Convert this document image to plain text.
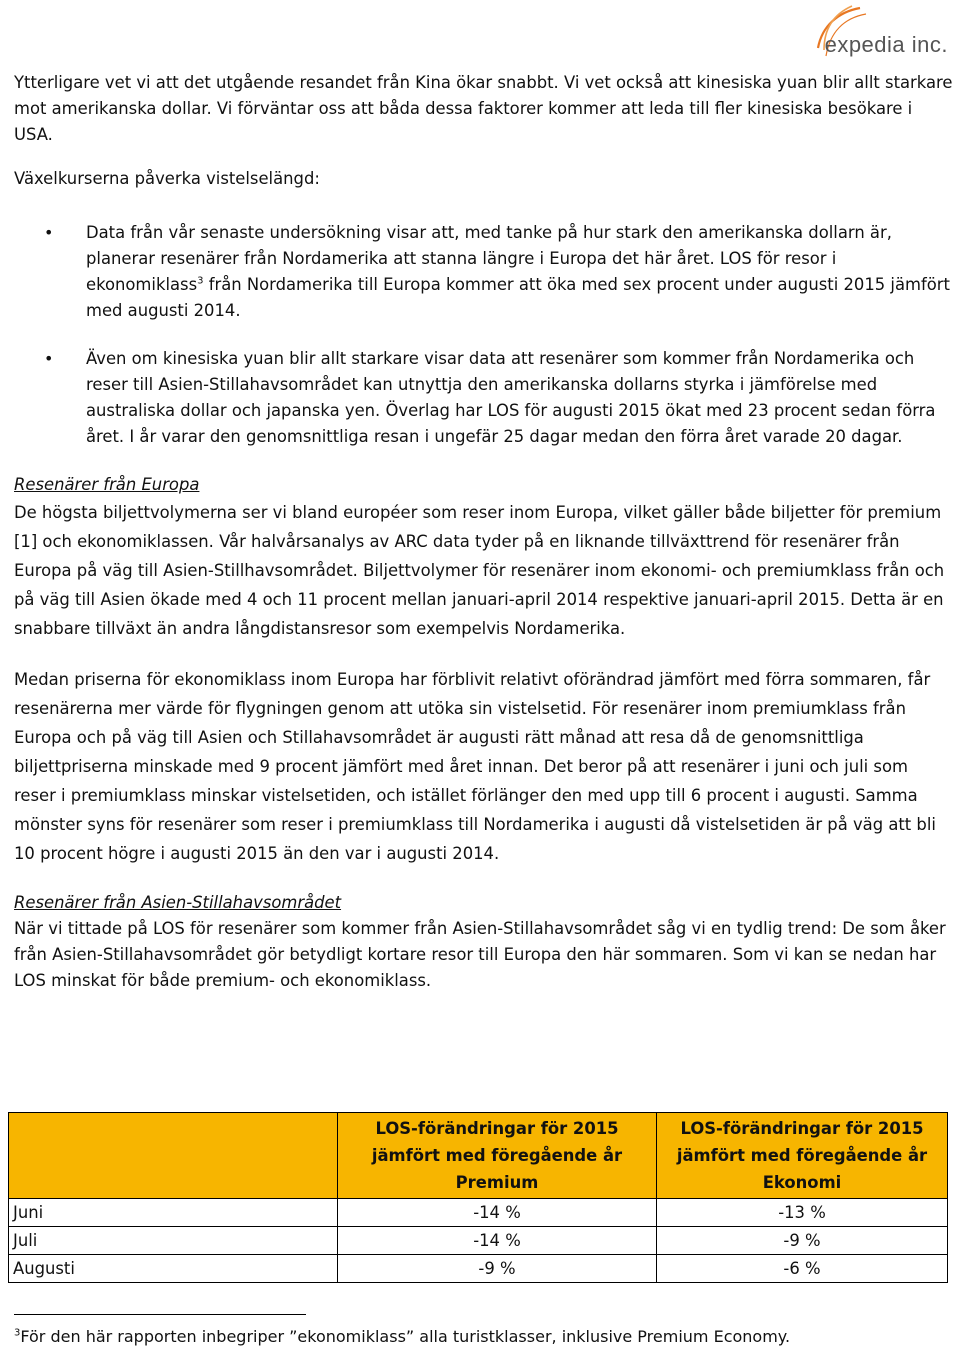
expedia inc.

Ytterligare vet vi att det utgående resandet från Kina ökar snabbt. Vi vet också att kinesiska yuan blir allt starkare mot amerikanska dollar. Vi förväntar oss att båda dessa faktorer kommer att leda till fler kinesiska besökare i USA.

Växelkurserna påverka vistelselängd:

• Data från vår senaste undersökning visar att, med tanke på hur stark den amerikanska dollarn är, planerar resenärer från Nordamerika att stanna längre i Europa det här året. LOS för resor i ekonomiklass$^3$ från Nordamerika till Europa kommer att öka med sex procent under augusti 2015 jämfört med augusti 2014.
• Även om kinesiska yuan blir allt starkare visar data att resenärer som kommer från Nordamerika och reser till Asien-Stillahavsområdet kan utnyttja den amerikanska dollarns styrka i jämförelse med australiska dollar och japanska yen. Överlag har LOS för augusti 2015 ökat med 23 procent sedan förra året. I år varar den genomsnittliga resan i ungefär 25 dagar medan den förra året varade 20 dagar.

Resenärer från Europa

De högsta biljettvolymerna ser vi bland européer som reser inom Europa, vilket gäller både biljetter för premium [1] och ekonomiklassen. Vår halvårsanalys av ARC data tyder på en liknande tillväxttrend för resenärer från Europa på väg till Asien-Stillhavsområdet. Biljettvolymer för resenärer inom ekonomi- och premiumklass från och på väg till Asien ökade med 4 och 11 procent mellan januari-april 2014 respektive januari-april 2015. Detta är en snabbare tillväxt än andra långdistansresor som exempelvis Nordamerika.

Medan priserna för ekonomiklass inom Europa har förblivit relativt oförändrad jämfört med förra sommaren, får resenärerna mer värde för flygningen genom att utöka sin vistelsetid. För resenärer inom premiumklass från Europa och på väg till Asien och Stillahavsområdet är augusti rätt månad att resa då de genomsnittliga biljettpriserna minskade med 9 procent jämfört med året innan. Det beror på att resenärer i juni och juli som reser i premiumklass minskar vistelsetiden, och istället förlänger den med upp till 6 procent i augusti. Samma mönster syns för resenärer som reser i premiumklass till Nordamerika i augusti då vistelsetiden är på väg att bli 10 procent högre i augusti 2015 än den var i augusti 2014.

Resenärer från Asien-Stillahavsområdet

När vi tittade på LOS för resenärer som kommer från Asien-Stillahavsområdet såg vi en tydlig trend: De som åker från Asien-Stillahavsområdet gör betydligt kortare resor till Europa den här sommaren. Som vi kan se nedan har LOS minskat för både premium- och ekonomiklass.

	LOS-förändringar för 2015
jämfört med föregående år
Premium	LOS-förändringar för 2015
jämfört med föregående år
Ekonomi
Juni	-14 %	-13 %
Juli	-14 %	-9 %
Augusti	-9 %	-6 %
$^3$För den här rapporten inbegriper ”ekonomiklass” alla turistklasser, inklusive Premium Economy.
